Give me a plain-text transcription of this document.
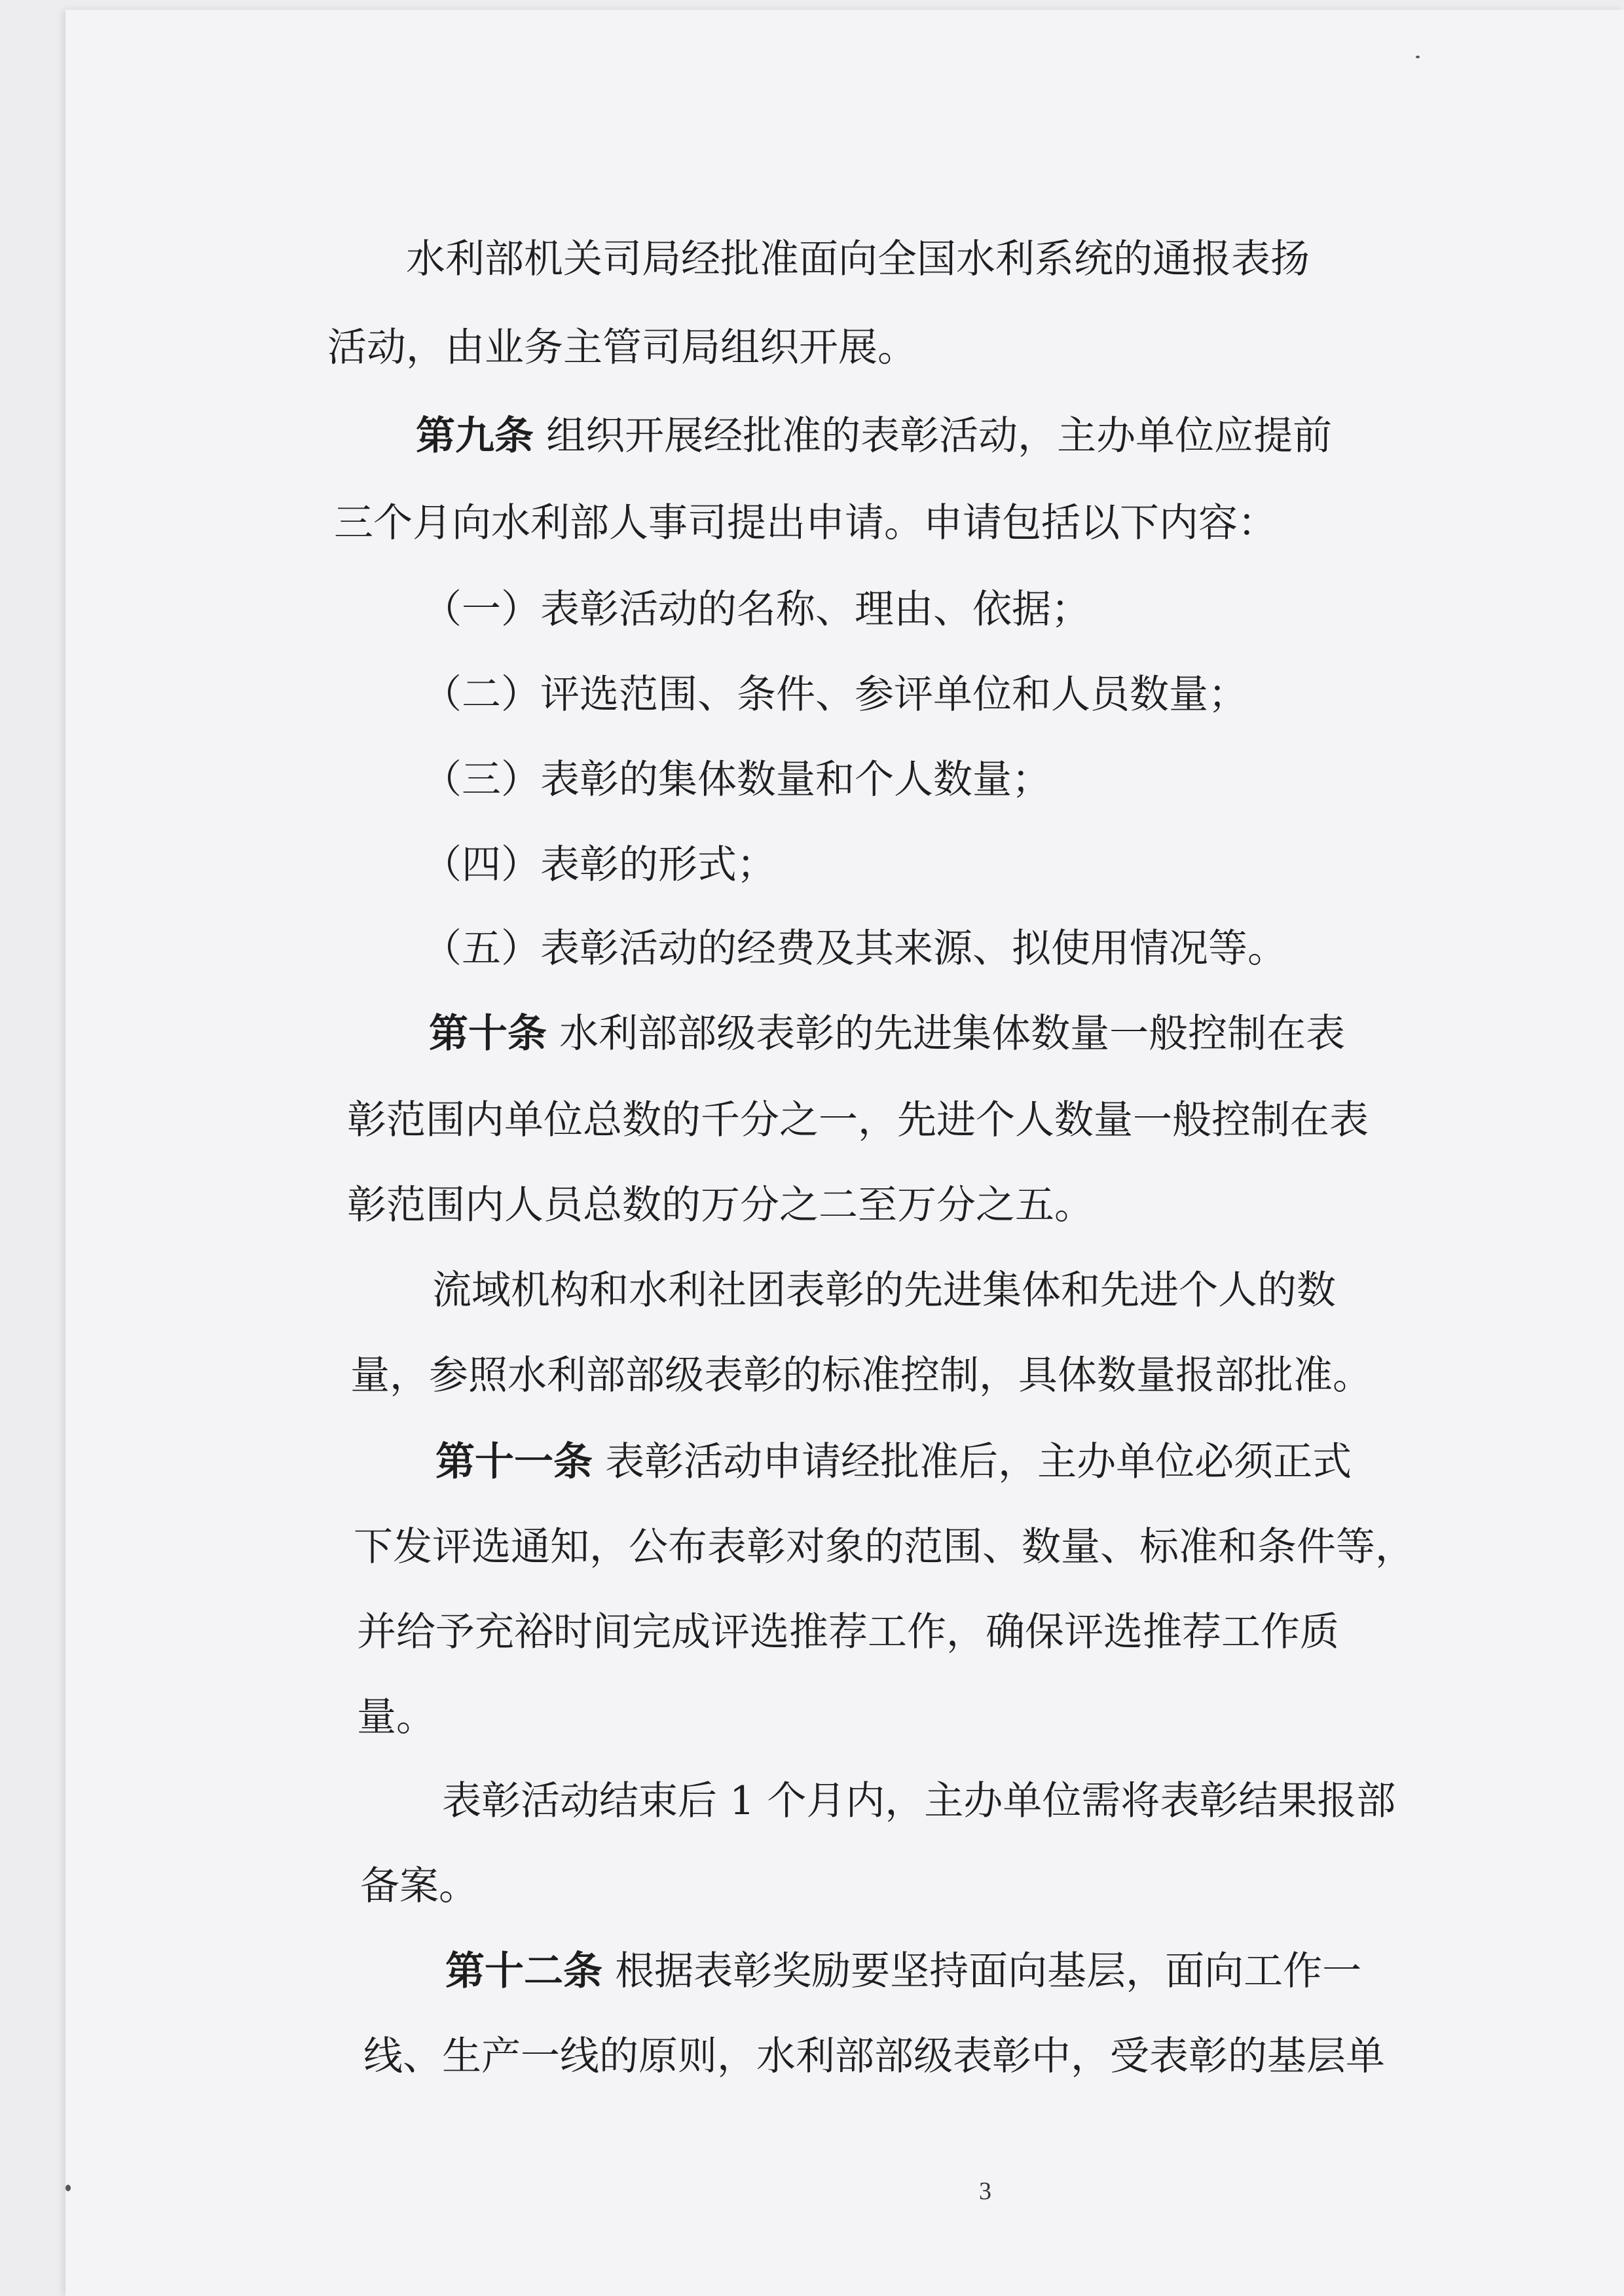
水利部机关司局经批准面向全国水利系统的通报表扬

活动，由业务主管司局组织开展。

第九条 组织开展经批准的表彰活动，主办单位应提前

三个月向水利部人事司提出申请。申请包括以下内容：

（一）表彰活动的名称、理由、依据；

（二）评选范围、条件、参评单位和人员数量；

（三）表彰的集体数量和个人数量；

（四）表彰的形式；

（五）表彰活动的经费及其来源、拟使用情况等。

第十条 水利部部级表彰的先进集体数量一般控制在表

彰范围内单位总数的千分之一，先进个人数量一般控制在表

彰范围内人员总数的万分之二至万分之五。

流域机构和水利社团表彰的先进集体和先进个人的数

量，参照水利部部级表彰的标准控制，具体数量报部批准。

第十一条 表彰活动申请经批准后，主办单位必须正式

下发评选通知，公布表彰对象的范围、数量、标准和条件等，

并给予充裕时间完成评选推荐工作，确保评选推荐工作质

量。

表彰活动结束后 1 个月内，主办单位需将表彰结果报部

备案。

第十二条 根据表彰奖励要坚持面向基层，面向工作一

线、生产一线的原则，水利部部级表彰中，受表彰的基层单

3
